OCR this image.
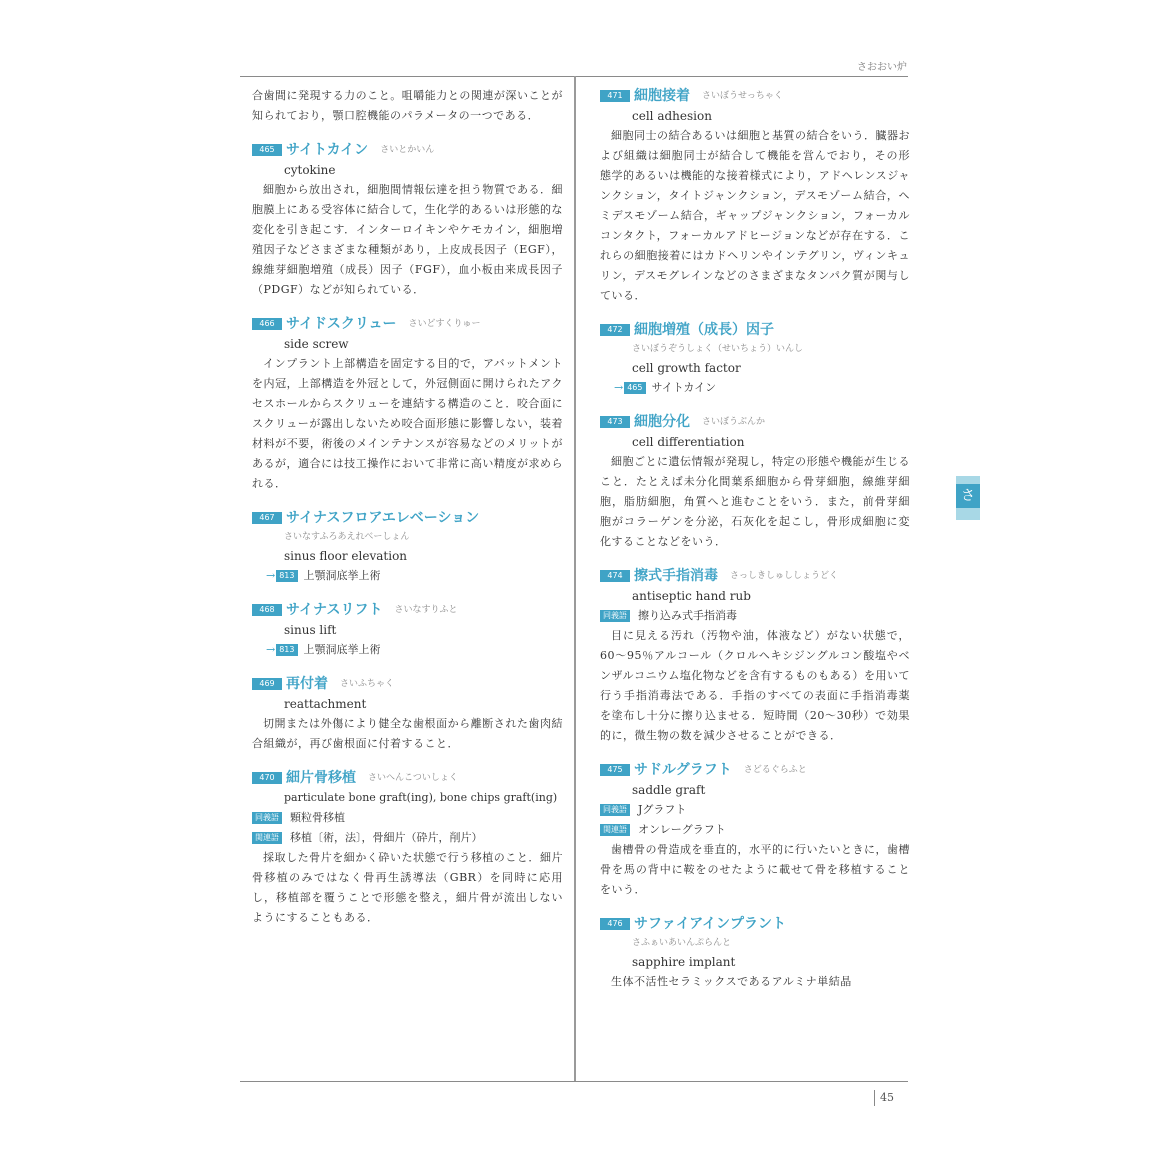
さおおい炉
45
さ
合歯間に発現する力のこと。咀嚼能力との関連が深いことが知られており，顎口腔機能のパラメータの一つである．
465 サイトカイン さいとかいん
cytokine
細胞から放出され，細胞間情報伝達を担う物質である．細胞膜上にある受容体に結合して，生化学的あるいは形態的な変化を引き起こす．インターロイキンやケモカイン，細胞増殖因子などさまざまな種類があり，上皮成長因子（EGF），線維芽細胞増殖（成長）因子（FGF），血小板由来成長因子（PDGF）などが知られている．
466 サイドスクリュー さいどすくりゅー
side screw
インプラント上部構造を固定する目的で，アバットメントを内冠，上部構造を外冠として，外冠側面に開けられたアクセスホールからスクリューを連結する構造のこと．咬合面にスクリューが露出しないため咬合面形態に影響しない，装着材料が不要，術後のメインテナンスが容易などのメリットがあるが，適合には技工操作において非常に高い精度が求められる．
467 サイナスフロアエレベーション
さいなすふろあえれべーしょん
sinus floor elevation
→ 813 上顎洞底挙上術
468 サイナスリフト さいなすりふと
sinus lift
→ 813 上顎洞底挙上術
469 再付着 さいふちゃく
reattachment
切開または外傷により健全な歯根面から離断された歯肉結合組織が，再び歯根面に付着すること．
470 細片骨移植 さいへんこついしょく
particulate bone graft(ing), bone chips graft(ing)
同義語 顆粒骨移植
関連語 移植〔術，法〕，骨細片（砕片，削片）
採取した骨片を細かく砕いた状態で行う移植のこと．細片骨移植のみではなく骨再生誘導法（GBR）を同時に応用し，移植部を覆うことで形態を整え，細片骨が流出しないようにすることもある．
471 細胞接着 さいぼうせっちゃく
cell adhesion
細胞同士の結合あるいは細胞と基質の結合をいう．臓器および組織は細胞同士が結合して機能を営んでおり，その形態学的あるいは機能的な接着様式により，アドヘレンスジャンクション，タイトジャンクション，デスモゾーム結合，ヘミデスモゾーム結合，ギャップジャンクション，フォーカルコンタクト，フォーカルアドヒージョンなどが存在する．これらの細胞接着にはカドヘリンやインテグリン，ヴィンキュリン，デスモグレインなどのさまざまなタンパク質が関与している．
472 細胞増殖（成長）因子
さいぼうぞうしょく（せいちょう）いんし
cell growth factor
→ 465 サイトカイン
473 細胞分化 さいぼうぶんか
cell differentiation
細胞ごとに遺伝情報が発現し，特定の形態や機能が生じること．たとえば未分化間葉系細胞から骨芽細胞，線維芽細胞，脂肪細胞，角質へと進むことをいう．また，前骨芽細胞がコラーゲンを分泌，石灰化を起こし，骨形成細胞に変化することなどをいう．
474 擦式手指消毒 さっしきしゅししょうどく
antiseptic hand rub
同義語 擦り込み式手指消毒
目に見える汚れ（汚物や油，体液など）がない状態で，60～95％アルコール（クロルヘキシジングルコン酸塩やベンザルコニウム塩化物などを含有するものもある）を用いて行う手指消毒法である．手指のすべての表面に手指消毒薬を塗布し十分に擦り込ませる．短時間（20～30秒）で効果的に，微生物の数を減少させることができる．
475 サドルグラフト さどるぐらふと
saddle graft
同義語 Jグラフト
関連語 オンレーグラフト
歯槽骨の骨造成を垂直的，水平的に行いたいときに，歯槽骨を馬の背中に鞍をのせたように載せて骨を移植することをいう．
476 サファイアインプラント
さふぁいあいんぷらんと
sapphire implant
生体不活性セラミックスであるアルミナ単結晶
